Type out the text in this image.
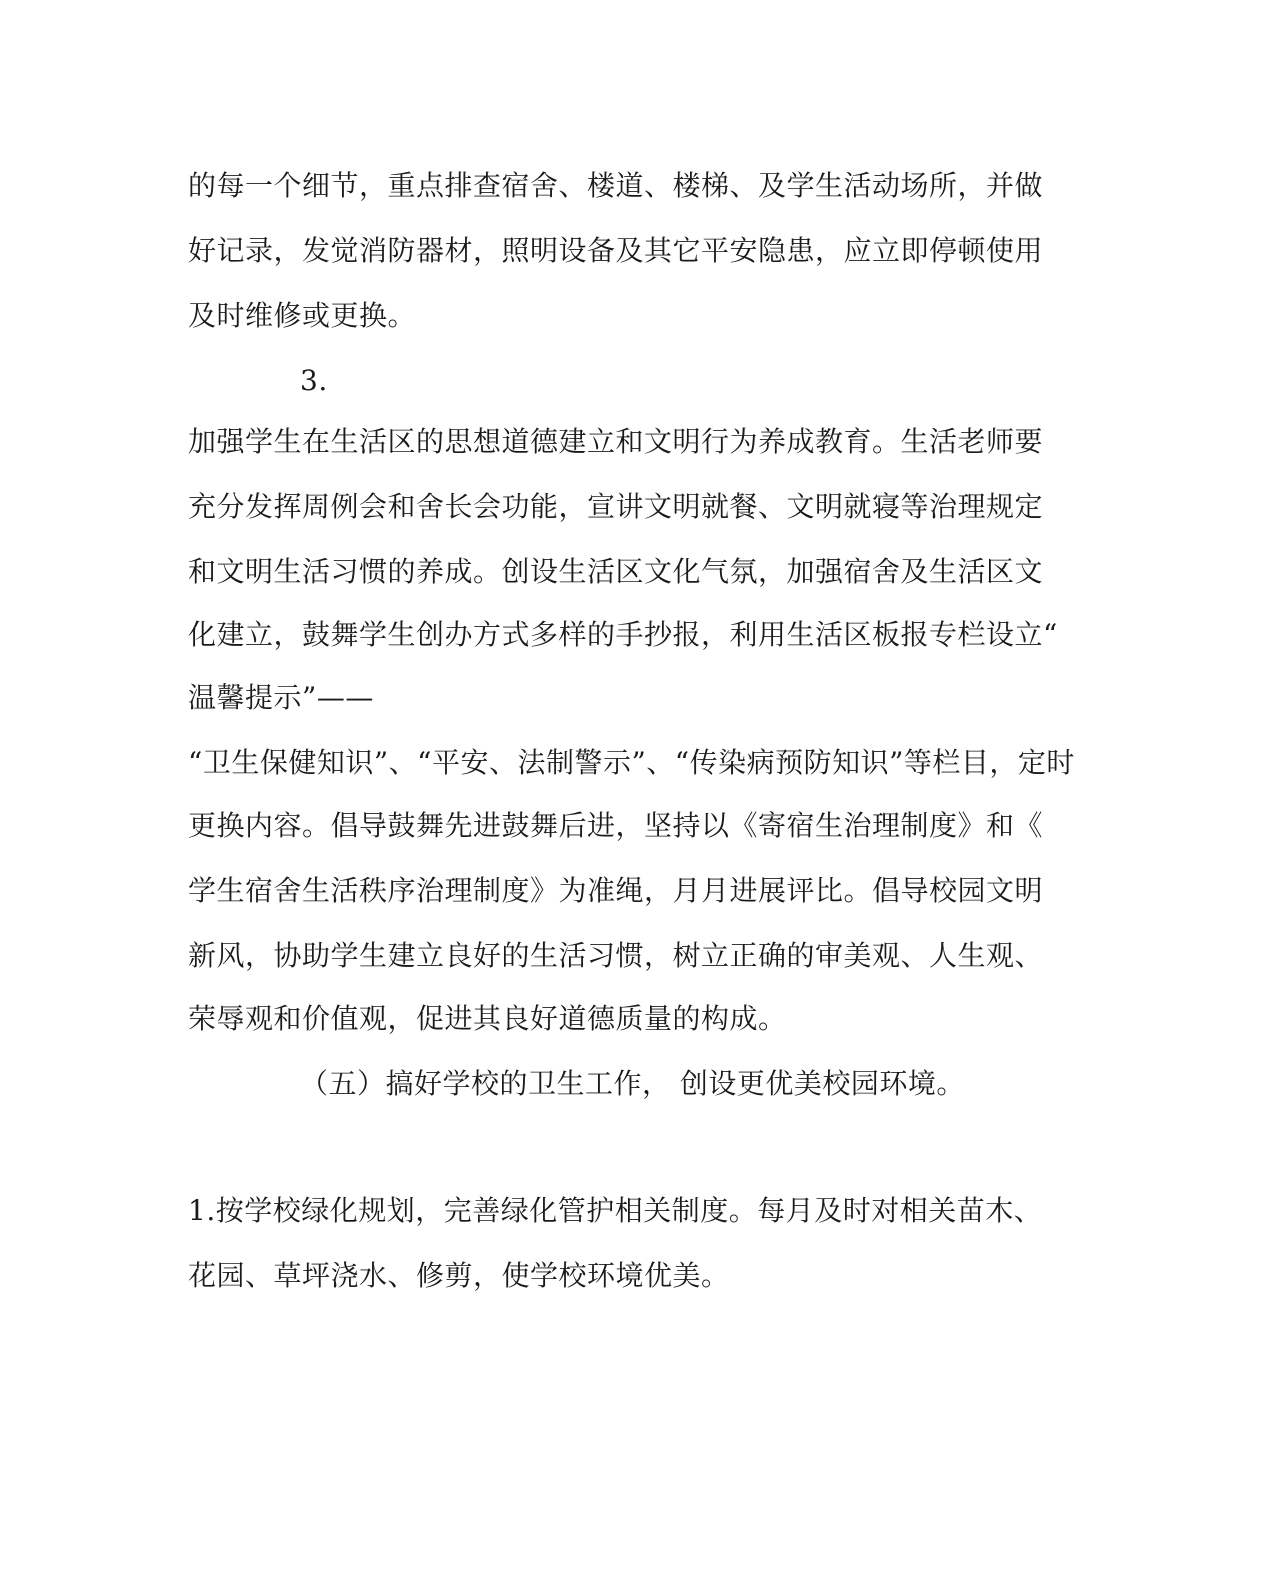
的每一个细节，重点排查宿舍、楼道、楼梯、及学生活动场所，并做
好记录，发觉消防器材，照明设备及其它平安隐患，应立即停顿使用
及时维修或更换。
3.
加强学生在生活区的思想道德建立和文明行为养成教育。生活老师要
充分发挥周例会和舍长会功能，宣讲文明就餐、文明就寝等治理规定
和文明生活习惯的养成。创设生活区文化气氛，加强宿舍及生活区文
化建立，鼓舞学生创办方式多样的手抄报，利用生活区板报专栏设立“
温馨提示”——
“卫生保健知识”、“平安、法制警示”、“传染病预防知识”等栏目，定时
更换内容。倡导鼓舞先进鼓舞后进，坚持以《寄宿生治理制度》和《
学生宿舍生活秩序治理制度》为准绳，月月进展评比。倡导校园文明
新风，协助学生建立良好的生活习惯，树立正确的审美观、人生观、
荣辱观和价值观，促进其良好道德质量的构成。
（五）搞好学校的卫生工作， 创设更优美校园环境。
1.按学校绿化规划，完善绿化管护相关制度。每月及时对相关苗木、
花园、草坪浇水、修剪，使学校环境优美。
